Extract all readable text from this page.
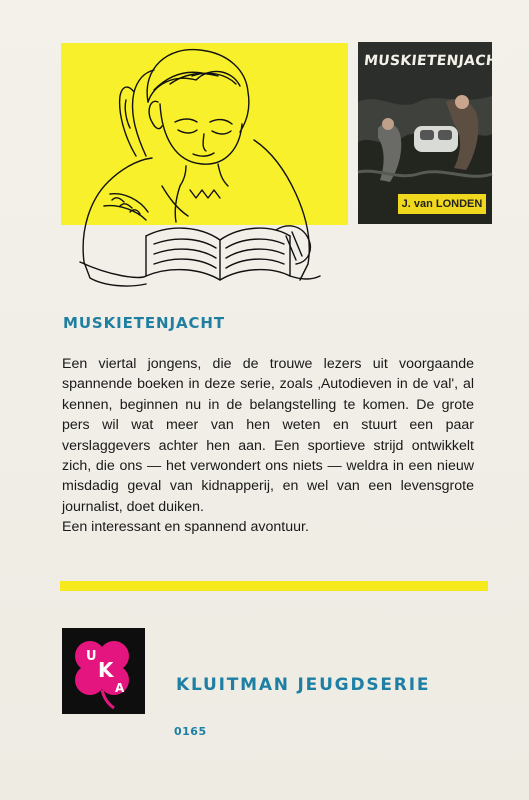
MUSKIETENJACHT
J. van LONDEN
MUSKIETENJACHT

Een viertal jongens, die de trouwe lezers uit voorgaande spannende boeken in deze serie, zoals ‚Autodieven in de val', al kennen, beginnen nu in de belangstelling te komen. De grote pers wil wat meer van hen weten en stuurt een paar verslaggevers achter hen aan. Een sportieve strijd ontwikkelt zich, die ons — het verwondert ons niets — weldra in een nieuw misdadig geval van kidnapperij, en wel van een levensgrote journalist, doet duiken.

Een interessant en spannend avontuur.

U
K
A	KLUITMAN JEUGDSERIE
0165
